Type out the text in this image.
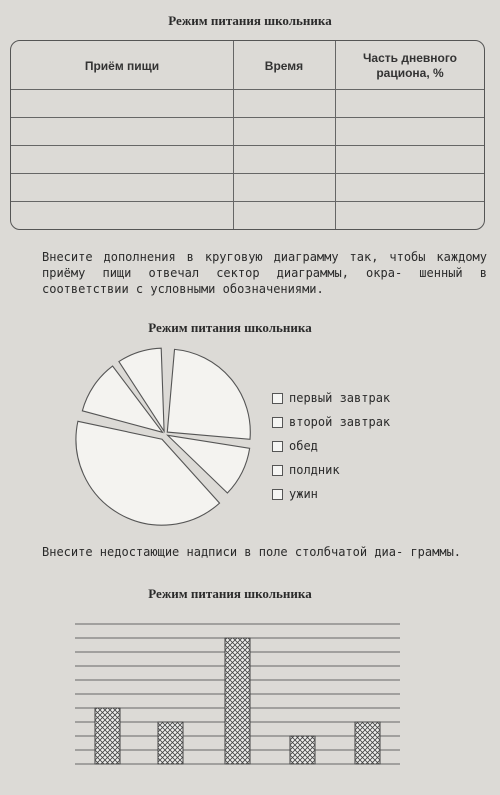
Режим питания школьника
Приём пищи	Время
Часть дневного рациона, %
Внесите дополнения в круговую диаграмму так, чтобы каждому приёму пищи отвечал сектор диаграммы, окра- шенный в соответствии с условными обозначениями.
Режим питания школьника
первый завтрак
второй завтрак
обед
полдник
ужин
Внесите недостающие надписи в поле столбчатой диа- граммы.
Режим питания школьника
